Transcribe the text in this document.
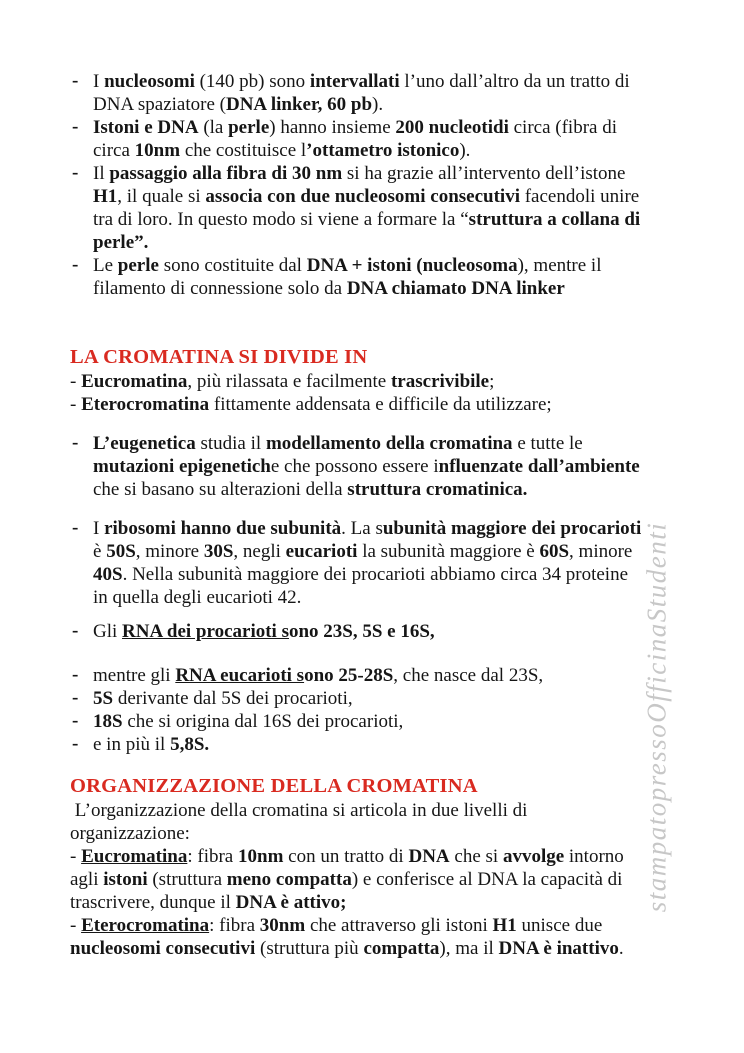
- I nucleosomi (140 pb) sono intervallati l’uno dall’altro da un tratto di
DNA spaziatore (DNA linker, 60 pb).
- Istoni e DNA (la perle) hanno insieme 200 nucleotidi circa (fibra di
circa 10nm che costituisce l’ottametro istonico).
- Il passaggio alla fibra di 30 nm si ha grazie all’intervento dell’istone
H1, il quale si associa con due nucleosomi consecutivi facendoli unire
tra di loro. In questo modo si viene a formare la “struttura a collana di
perle”.
- Le perle sono costituite dal DNA + istoni (nucleosoma), mentre il
filamento di connessione solo da DNA chiamato DNA linker
LA CROMATINA SI DIVIDE IN
- Eucromatina, più rilassata e facilmente trascrivibile;
- Eterocromatina fittamente addensata e difficile da utilizzare;
- L’eugenetica studia il modellamento della cromatina e tutte le
mutazioni epigenetiche che possono essere influenzate dall’ambiente
che si basano su alterazioni della struttura cromatinica.
- I ribosomi hanno due subunità. La subunità maggiore dei procarioti
è 50S, minore 30S, negli eucarioti la subunità maggiore è 60S, minore
40S. Nella subunità maggiore dei procarioti abbiamo circa 34 proteine
in quella degli eucarioti 42.
- Gli RNA dei procarioti sono 23S, 5S e 16S,
- mentre gli RNA eucarioti sono 25-28S, che nasce dal 23S,
- 5S derivante dal 5S dei procarioti,
- 18S che si origina dal 16S dei procarioti,
- e in più il 5,8S.
ORGANIZZAZIONE DELLA CROMATINA
L’organizzazione della cromatina si articola in due livelli di
organizzazione:
- Eucromatina: fibra 10nm con un tratto di DNA che si avvolge intorno
agli istoni (struttura meno compatta) e conferisce al DNA la capacità di
trascrivere, dunque il DNA è attivo;
- Eterocromatina: fibra 30nm che attraverso gli istoni H1 unisce due
nucleosomi consecutivi (struttura più compatta), ma il DNA è inattivo.
stampatopressoOfficinaStudenti
